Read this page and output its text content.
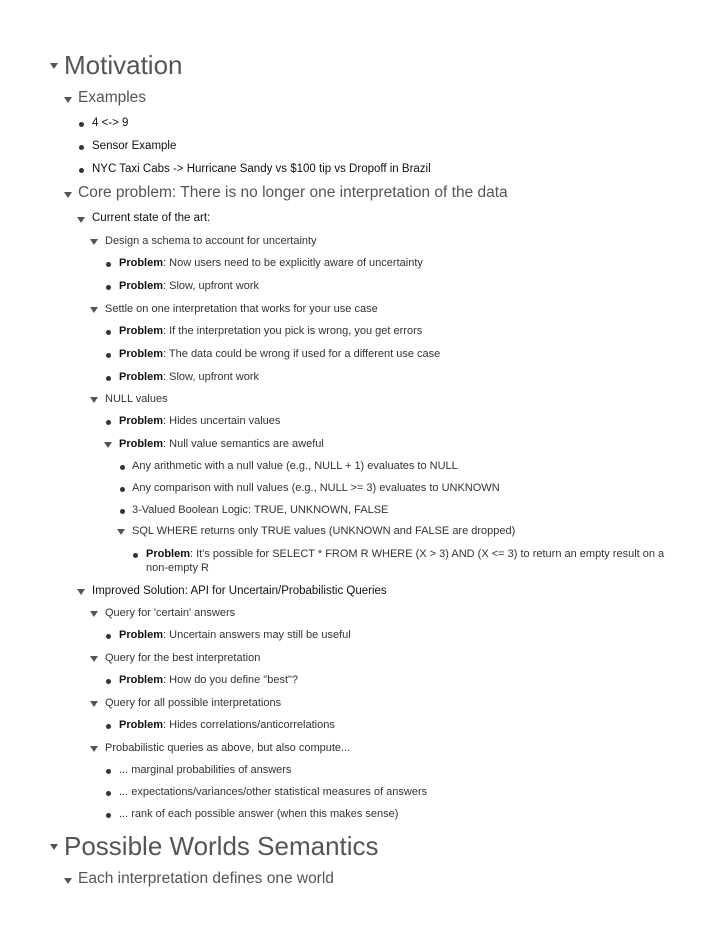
Motivation
Examples
4 <-> 9
Sensor Example
NYC Taxi Cabs -> Hurricane Sandy vs $100 tip vs Dropoff in Brazil
Core problem: There is no longer one interpretation of the data
Current state of the art:
Design a schema to account for uncertainty
Problem: Now users need to be explicitly aware of uncertainty
Problem: Slow, upfront work
Settle on one interpretation that works for your use case
Problem: If the interpretation you pick is wrong, you get errors
Problem: The data could be wrong if used for a different use case
Problem: Slow, upfront work
NULL values
Problem: Hides uncertain values
Problem: Null value semantics are aweful
Any arithmetic with a null value (e.g., NULL + 1) evaluates to NULL
Any comparison with null values (e.g., NULL >= 3) evaluates to UNKNOWN
3-Valued Boolean Logic: TRUE, UNKNOWN, FALSE
SQL WHERE returns only TRUE values (UNKNOWN and FALSE are dropped)
Problem: It's possible for SELECT * FROM R WHERE (X > 3) AND (X <= 3) to return an empty result on a
non-empty R
Improved Solution: API for Uncertain/Probabilistic Queries
Query for 'certain' answers
Problem: Uncertain answers may still be useful
Query for the best interpretation
Problem: How do you define "best"?
Query for all possible interpretations
Problem: Hides correlations/anticorrelations
Probabilistic queries as above, but also compute...
... marginal probabilities of answers
... expectations/variances/other statistical measures of answers
... rank of each possible answer (when this makes sense)
Possible Worlds Semantics
Each interpretation defines one world
